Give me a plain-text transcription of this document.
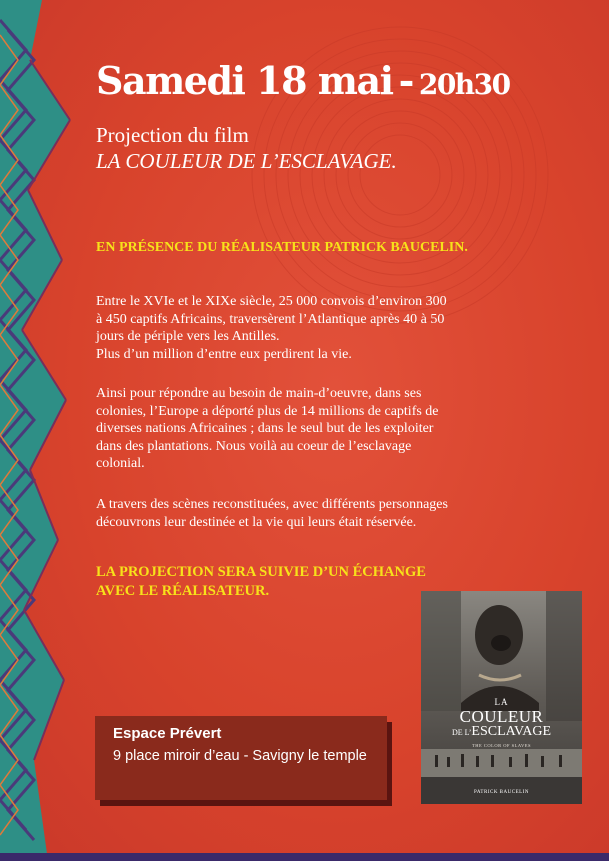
Samedi 18 mai - 20h30
Projection du film
LA COULEUR DE L’ESCLAVAGE.
EN PRÉSENCE DU RÉALISATEUR PATRICK BAUCELIN.
Entre le XVIe et le XIXe siècle, 25 000 convois d’environ 300
à 450 captifs Africains, traversèrent l’Atlantique après 40 à 50
jours de périple vers les Antilles.
Plus d’un million d’entre eux perdirent la vie.
Ainsi pour répondre au besoin de main-d’oeuvre, dans ses
colonies, l’Europe a déporté plus de 14 millions de captifs de
diverses nations Africaines ; dans le seul but de les exploiter
dans des plantations. Nous voilà au coeur de l’esclavage
colonial.
A travers des scènes reconstituées, avec différents personnages
découvrons leur destinée et la vie qui leurs était réservée.
LA PROJECTION SERA SUIVIE D’UN ÉCHANGE
AVEC LE RÉALISATEUR.
Espace Prévert
9 place miroir d’eau - Savigny le temple
LA
COULEUR
DE L’ESCLAVAGE
THE COLOR OF SLAVES
PATRICK BAUCELIN
